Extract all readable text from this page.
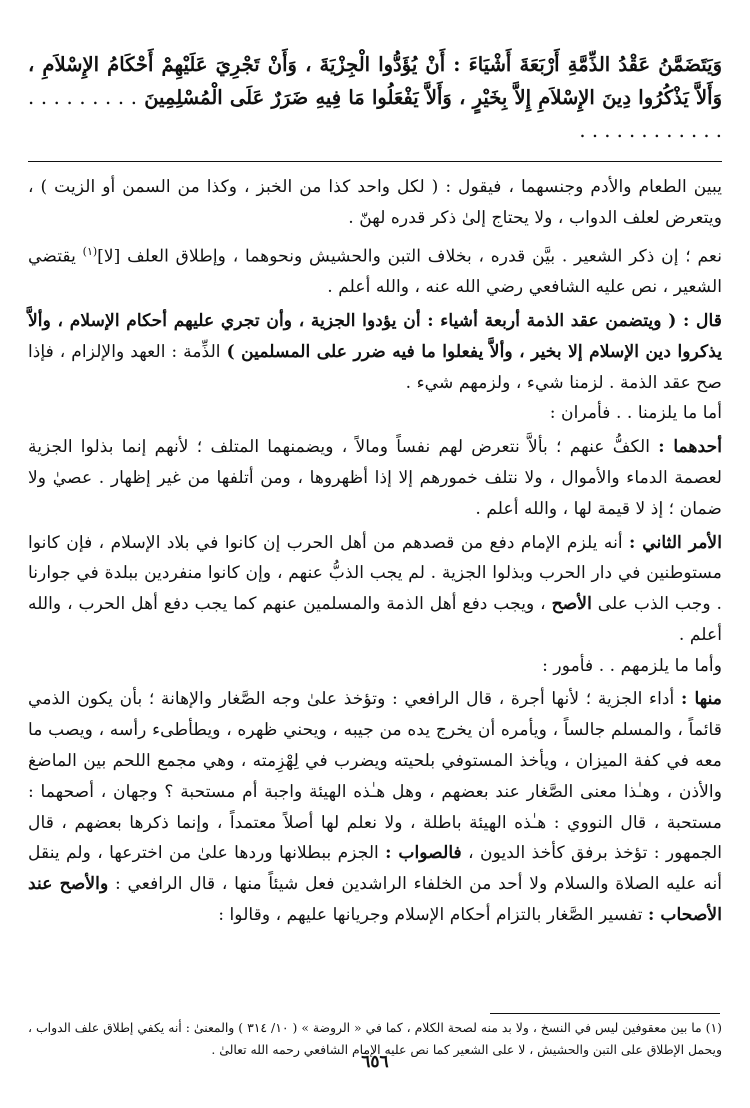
وَيَتَضَمَّنُ عَقْدُ الذِّمَّةِ أَرْبَعَةَ أَشْيَاءَ : أَنْ يُؤَدُّوا الْجِزْيَةَ ، وَأَنْ تَجْرِيَ عَلَيْهِمْ أَحْكَامُ الإِسْلاَمِ ، وَأَلاَّ يَذْكُرُوا دِينَ الإِسْلاَمِ إِلاَّ بِخَيْرٍ ، وَأَلاَّ يَفْعَلُوا مَا فِيهِ ضَرَرٌ عَلَى الْمُسْلِمِينَ . . . . . . . . . . . . . . . . . . . . .

يبين الطعام والأدم وجنسهما ، فيقول : ( لكل واحد كذا من الخبز ، وكذا من السمن أو الزيت ) ، ويتعرض لعلف الدواب ، ولا يحتاج إلىٰ ذكر قدره لهنّ .

نعم ؛ إن ذكر الشعير . بيَّن قدره ، بخلاف التبن والحشيش ونحوهما ، وإطلاق العلف [لا]$^{(١)}$ يقتضي الشعير ، نص عليه الشافعي رضي الله عنه ، والله أعلم .

قال : ( ويتضمن عقد الذمة أربعة أشياء : أن يؤدوا الجزية ، وأن تجري عليهم أحكام الإسلام ، وألاَّ يذكروا دين الإسلام إلا بخير ، وألاَّ يفعلوا ما فيه ضرر على المسلمين ) الذِّمة : العهد والإلزام ، فإذا صح عقد الذمة . لزمنا شيء ، ولزمهم شيء .

أما ما يلزمنا . . فأمران :

أحدهما : الكفُّ عنهم ؛ بألاَّ نتعرض لهم نفساً ومالاً ، ويضمنهما المتلف ؛ لأنهم إنما بذلوا الجزية لعصمة الدماء والأموال ، ولا نتلف خمورهم إلا إذا أظهروها ، ومن أتلفها من غير إظهار . عصيٰ ولا ضمان ؛ إذ لا قيمة لها ، والله أعلم .

الأمر الثاني : أنه يلزم الإمام دفع من قصدهم من أهل الحرب إن كانوا في بلاد الإسلام ، فإن كانوا مستوطنين في دار الحرب وبذلوا الجزية . لم يجب الذبُّ عنهم ، وإن كانوا منفردين ببلدة في جوارنا . وجب الذب على الأصح ، ويجب دفع أهل الذمة والمسلمين عنهم كما يجب دفع أهل الحرب ، والله أعلم .

وأما ما يلزمهم . . فأمور :

منها : أداء الجزية ؛ لأنها أجرة ، قال الرافعي : وتؤخذ علىٰ وجه الصَّغار والإهانة ؛ بأن يكون الذمي قائماً ، والمسلم جالساً ، ويأمره أن يخرج يده من جيبه ، ويحني ظهره ، ويطأطىء رأسه ، ويصب ما معه في كفة الميزان ، ويأخذ المستوفي بلحيته ويضرب في لِهْزِمته ، وهي مجمع اللحم بين الماضغ والأذن ، وهـٰذا معنى الصَّغار عند بعضهم ، وهل هـٰذه الهيئة واجبة أم مستحبة ؟ وجهان ، أصحهما : مستحبة ، قال النووي : هـٰذه الهيئة باطلة ، ولا نعلم لها أصلاً معتمداً ، وإنما ذكرها بعضهم ، قال الجمهور : تؤخذ برفق كأخذ الديون ، فالصواب : الجزم ببطلانها وردها علىٰ من اخترعها ، ولم ينقل أنه عليه الصلاة والسلام ولا أحد من الخلفاء الراشدين فعل شيئاً منها ، قال الرافعي : والأصح عند الأصحاب : تفسير الصَّغار بالتزام أحكام الإسلام وجريانها عليهم ، وقالوا :

(١) ما بين معقوفين ليس في النسخ ، ولا بد منه لصحة الكلام ، كما في « الروضة » ( ١٠/ ٣١٤ ) والمعنىٰ : أنه يكفي إطلاق علف الدواب ، ويحمل الإطلاق على التبن والحشيش ، لا على الشعير كما نص عليه الإمام الشافعي رحمه الله تعالىٰ .
٦٥٦
